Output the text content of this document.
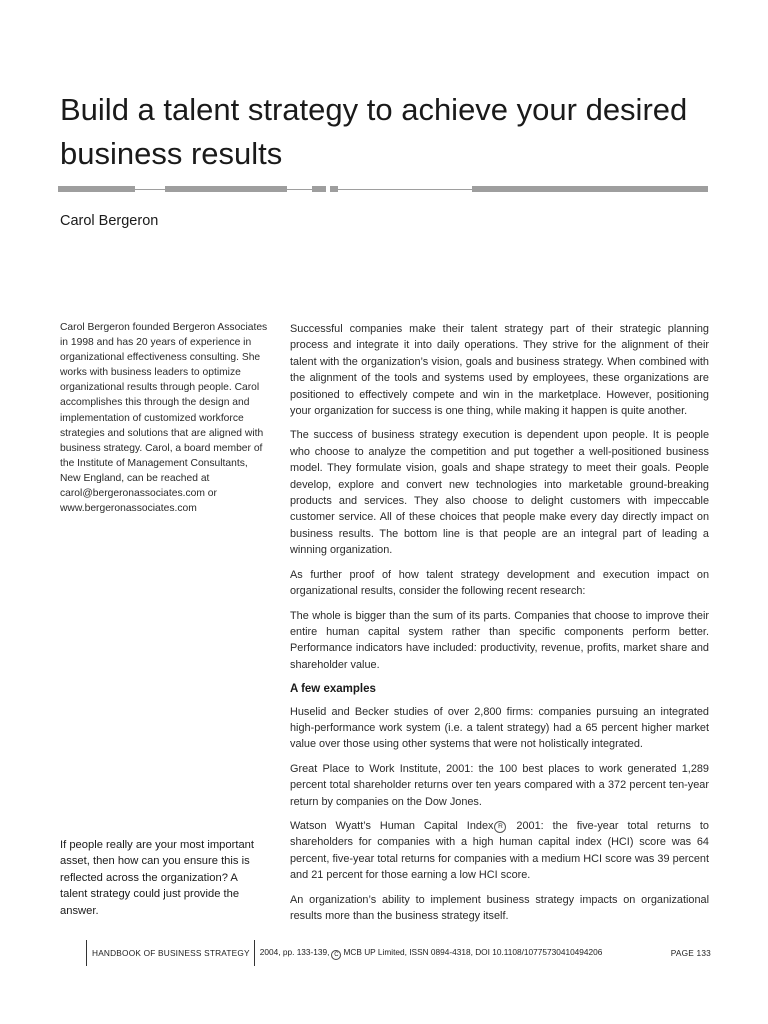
Build a talent strategy to achieve your desired business results
Carol Bergeron

Carol Bergeron founded Bergeron Associates in 1998 and has 20 years of experience in organizational effectiveness consulting. She works with business leaders to optimize organizational results through people. Carol accomplishes this through the design and implementation of customized workforce strategies and solutions that are aligned with business strategy. Carol, a board member of the Institute of Management Consultants, New England, can be reached at carol@bergeronassociates.com or www.bergeronassociates.com

If people really are your most important asset, then how can you ensure this is reflected across the organization? A talent strategy could just provide the answer.

Successful companies make their talent strategy part of their strategic planning process and integrate it into daily operations. They strive for the alignment of their talent with the organization’s vision, goals and business strategy. When combined with the alignment of the tools and systems used by employees, these organizations are positioned to effectively compete and win in the marketplace. However, positioning your organization for success is one thing, while making it happen is quite another.

The success of business strategy execution is dependent upon people. It is people who choose to analyze the competition and put together a well-positioned business model. They formulate vision, goals and shape strategy to meet their goals. People develop, explore and convert new technologies into marketable ground-breaking products and services. They also choose to delight customers with impeccable customer service. All of these choices that people make every day directly impact on business results. The bottom line is that people are an integral part of leading a winning organization.

As further proof of how talent strategy development and execution impact on organizational results, consider the following recent research:

The whole is bigger than the sum of its parts. Companies that choose to improve their entire human capital system rather than specific components perform better. Performance indicators have included: productivity, revenue, profits, market share and shareholder value.

A few examples

Huselid and Becker studies of over 2,800 firms: companies pursuing an integrated high-performance work system (i.e. a talent strategy) had a 65 percent higher market value over those using other systems that were not holistically integrated.

Great Place to Work Institute, 2001: the 100 best places to work generated 1,289 percent total shareholder returns over ten years compared with a 372 percent ten-year return by companies on the Dow Jones.

Watson Wyatt’s Human Capital Index R 2001: the five-year total returns to shareholders for companies with a high human capital index (HCI) score was 64 percent, five-year total returns for companies with a medium HCI score was 39 percent and 21 percent for those earning a low HCI score.

An organization’s ability to implement business strategy impacts on organizational results more than the business strategy itself.

HANDBOOK OF BUSINESS STRATEGY	2004, pp. 133-139, C MCB UP Limited, ISSN 0894-4318, DOI 10.1108/10775730410494206	PAGE 133
